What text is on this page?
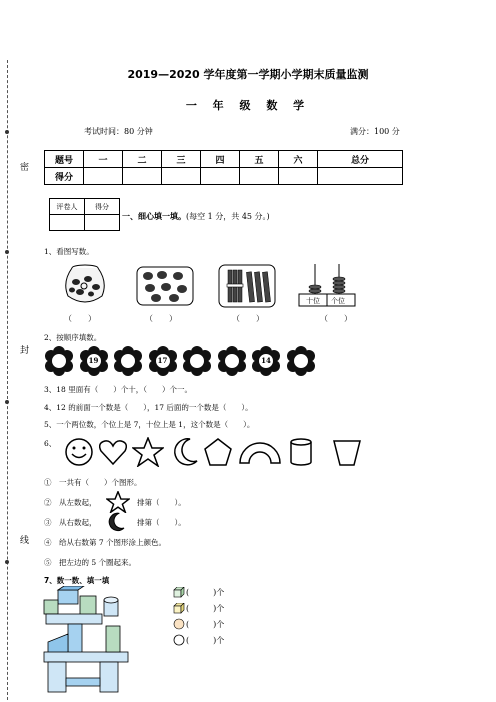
密
封
线
2019—2020 学年度第一学期小学期末质量监测
一 年 级 数 学
考试时间：80 分钟	满分：100 分
题号	一	二	三	四	五	六	总分
得分							
评卷人	得分

一、细心填一填。(每空 1 分，共 45 分。)
1、看图写数。
十位 个位
（　　）	（　　）	（　　）	（　　）
2、按顺序填数。
19	17	14
3、18 里面有（　　）个十，（　　）个一。
4、12 的前面一个数是（　　），17 后面的一个数是（　　）。
5、一个两位数，个位上是 7，十位上是 1，这个数是（　　）。
6、
①　一共有（　　）个图形。
②　从左数起，	排第（　　）。
③　从右数起，	排第（　　）。
④　给从右数第 7 个图形涂上颜色。
⑤　把左边的 5 个圈起来。
7、数一数、填一填
(　　　)个
(　　　)个
(　　　)个
(　　　)个
